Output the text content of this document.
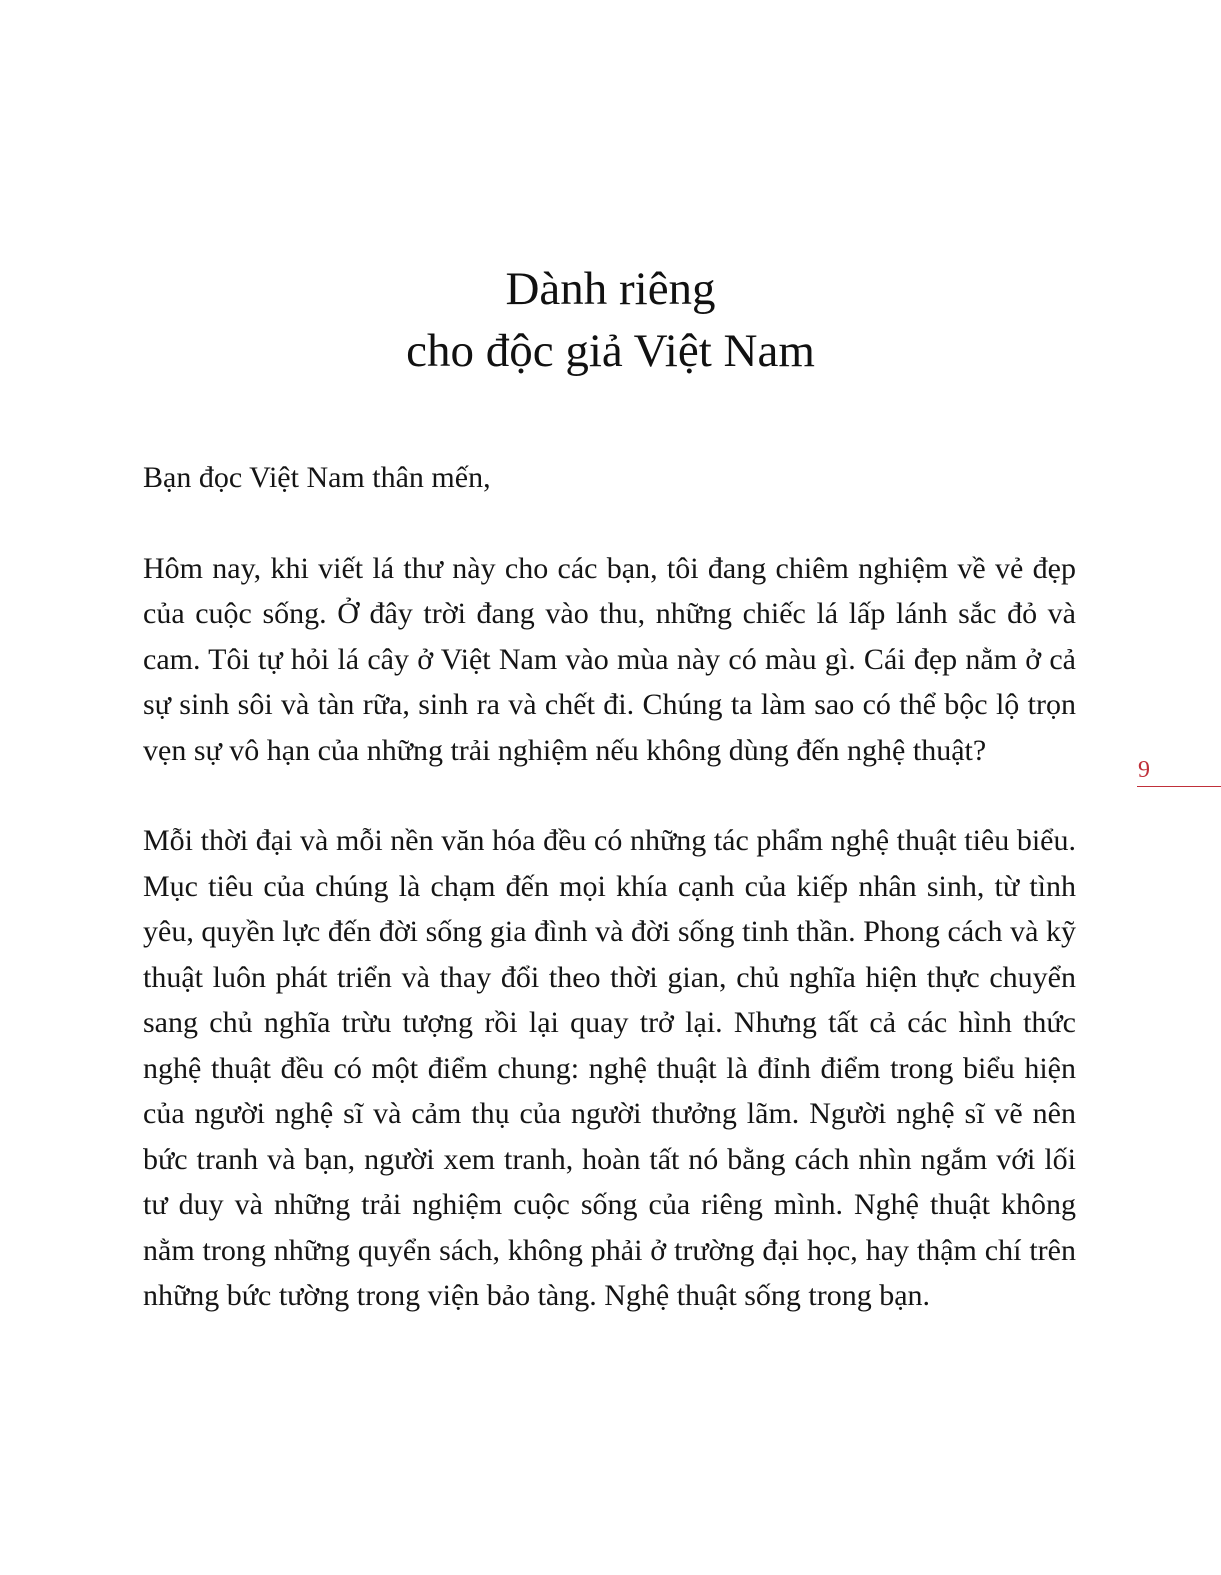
Dành riêng
cho độc giả Việt Nam

Bạn đọc Việt Nam thân mến,

Hôm nay, khi viết lá thư này cho các bạn, tôi đang chiêm nghiệm về vẻ đẹp của cuộc sống. Ở đây trời đang vào thu, những chiếc lá lấp lánh sắc đỏ và cam. Tôi tự hỏi lá cây ở Việt Nam vào mùa này có màu gì. Cái đẹp nằm ở cả sự sinh sôi và tàn rữa, sinh ra và chết đi. Chúng ta làm sao có thể bộc lộ trọn vẹn sự vô hạn của những trải nghiệm nếu không dùng đến nghệ thuật?

Mỗi thời đại và mỗi nền văn hóa đều có những tác phẩm nghệ thuật tiêu biểu. Mục tiêu của chúng là chạm đến mọi khía cạnh của kiếp nhân sinh, từ tình yêu, quyền lực đến đời sống gia đình và đời sống tinh thần. Phong cách và kỹ thuật luôn phát triển và thay đổi theo thời gian, chủ nghĩa hiện thực chuyển sang chủ nghĩa trừu tượng rồi lại quay trở lại. Nhưng tất cả các hình thức nghệ thuật đều có một điểm chung: nghệ thuật là đỉnh điểm trong biểu hiện của người nghệ sĩ và cảm thụ của người thưởng lãm. Người nghệ sĩ vẽ nên bức tranh và bạn, người xem tranh, hoàn tất nó bằng cách nhìn ngắm với lối tư duy và những trải nghiệm cuộc sống của riêng mình. Nghệ thuật không nằm trong những quyển sách, không phải ở trường đại học, hay thậm chí trên những bức tường trong viện bảo tàng. Nghệ thuật sống trong bạn.

9
